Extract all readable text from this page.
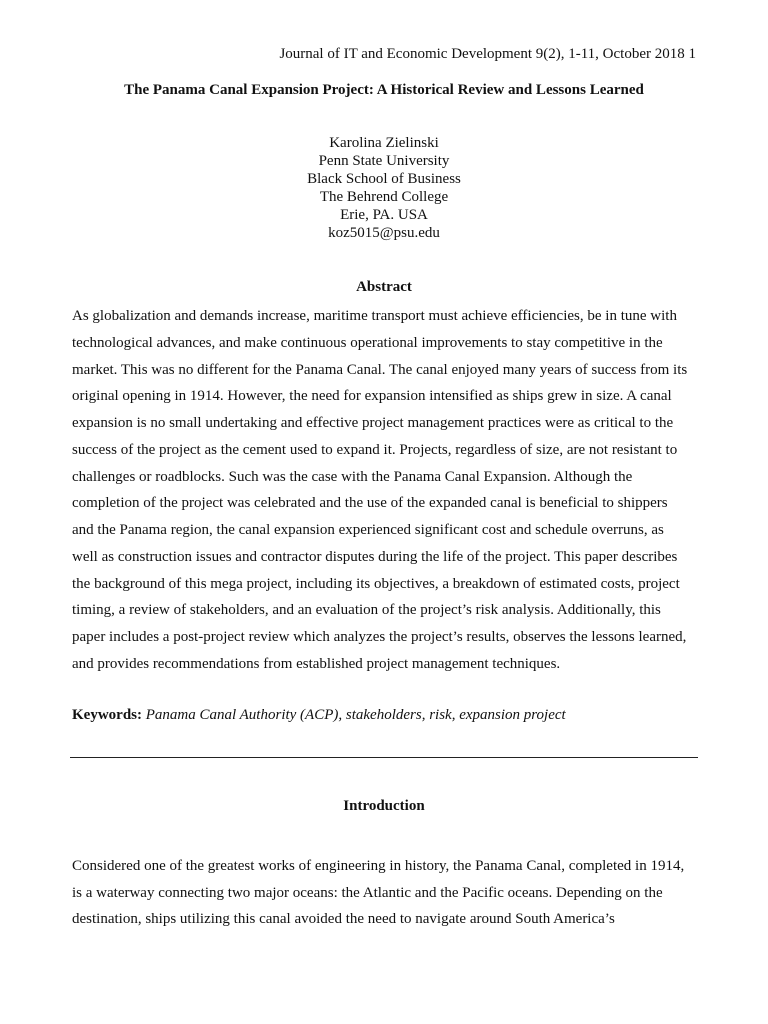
Journal of IT and Economic Development 9(2), 1-11, October 2018 1
The Panama Canal Expansion Project: A Historical Review and Lessons Learned
Karolina Zielinski
Penn State University
Black School of Business
The Behrend College
Erie, PA. USA
koz5015@psu.edu
Abstract
As globalization and demands increase, maritime transport must achieve efficiencies, be in tune with
technological advances, and make continuous operational improvements to stay competitive in the
market. This was no different for the Panama Canal. The canal enjoyed many years of success from its
original opening in 1914. However, the need for expansion intensified as ships grew in size. A canal
expansion is no small undertaking and effective project management practices were as critical to the
success of the project as the cement used to expand it. Projects, regardless of size, are not resistant to
challenges or roadblocks. Such was the case with the Panama Canal Expansion. Although the
completion of the project was celebrated and the use of the expanded canal is beneficial to shippers
and the Panama region, the canal expansion experienced significant cost and schedule overruns, as
well as construction issues and contractor disputes during the life of the project. This paper describes
the background of this mega project, including its objectives, a breakdown of estimated costs, project
timing, a review of stakeholders, and an evaluation of the project’s risk analysis. Additionally, this
paper includes a post-project review which analyzes the project’s results, observes the lessons learned,
and provides recommendations from established project management techniques.
Keywords: Panama Canal Authority (ACP), stakeholders, risk, expansion project
Introduction
Considered one of the greatest works of engineering in history, the Panama Canal, completed in 1914,
is a waterway connecting two major oceans: the Atlantic and the Pacific oceans. Depending on the
destination, ships utilizing this canal avoided the need to navigate around South America’s
